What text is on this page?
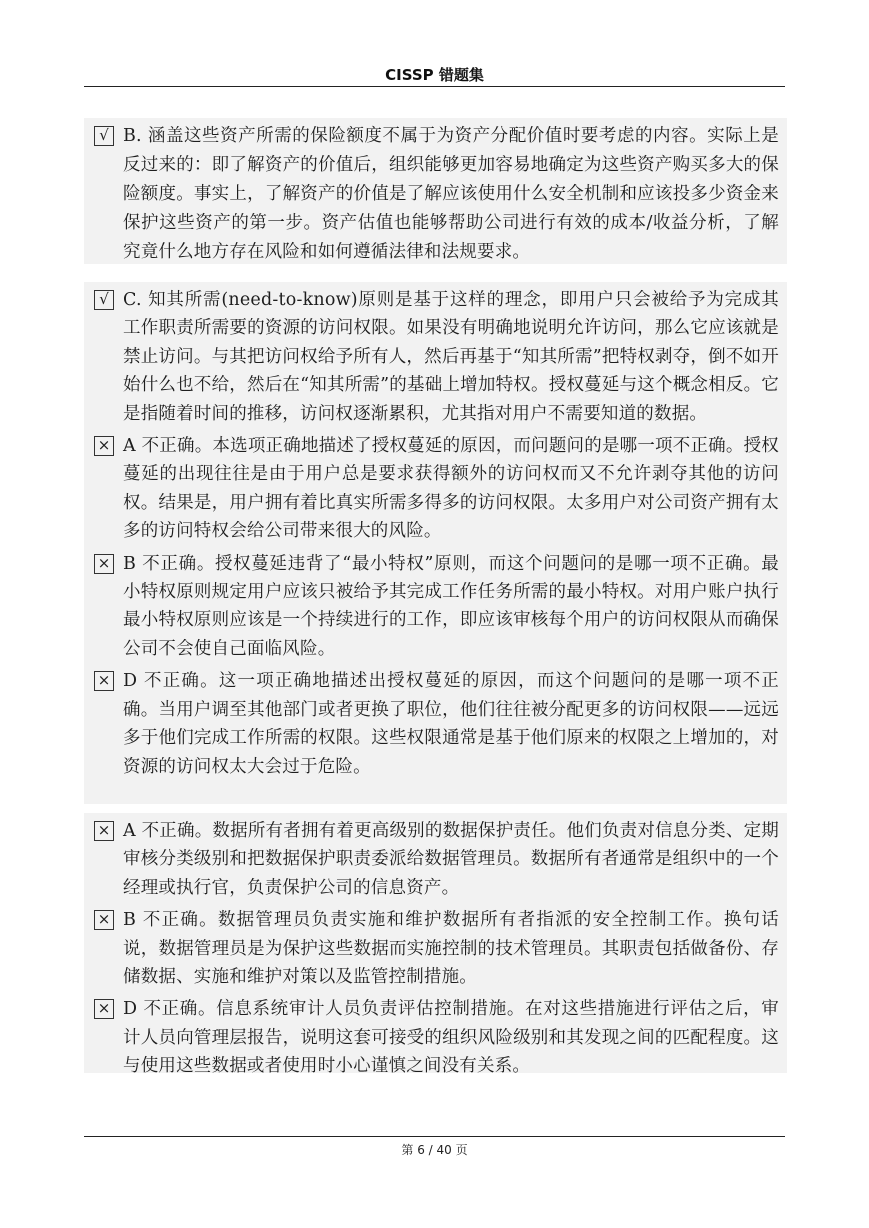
CISSP 错题集
√ B. 涵盖这些资产所需的保险额度不属于为资产分配价值时要考虑的内容。实际上是反过来的：即了解资产的价值后，组织能够更加容易地确定为这些资产购买多大的保险额度。事实上，了解资产的价值是了解应该使用什么安全机制和应该投多少资金来保护这些资产的第一步。资产估值也能够帮助公司进行有效的成本/收益分析，了解究竟什么地方存在风险和如何遵循法律和法规要求。
√ C. 知其所需(need-to-know)原则是基于这样的理念，即用户只会被给予为完成其工作职责所需要的资源的访问权限。如果没有明确地说明允许访问，那么它应该就是禁止访问。与其把访问权给予所有人，然后再基于“知其所需”把特权剥夺，倒不如开始什么也不给，然后在“知其所需”的基础上增加特权。授权蔓延与这个概念相反。它是指随着时间的推移，访问权逐渐累积，尤其指对用户不需要知道的数据。
× A 不正确。本选项正确地描述了授权蔓延的原因，而问题问的是哪一项不正确。授权蔓延的出现往往是由于用户总是要求获得额外的访问权而又不允许剥夺其他的访问权。结果是，用户拥有着比真实所需多得多的访问权限。太多用户对公司资产拥有太多的访问特权会给公司带来很大的风险。
× B 不正确。授权蔓延违背了“最小特权”原则，而这个问题问的是哪一项不正确。最小特权原则规定用户应该只被给予其完成工作任务所需的最小特权。对用户账户执行最小特权原则应该是一个持续进行的工作，即应该审核每个用户的访问权限从而确保公司不会使自己面临风险。
× D 不正确。这一项正确地描述出授权蔓延的原因，而这个问题问的是哪一项不正确。当用户调至其他部门或者更换了职位，他们往往被分配更多的访问权限——远远多于他们完成工作所需的权限。这些权限通常是基于他们原来的权限之上增加的，对资源的访问权太大会过于危险。
× A 不正确。数据所有者拥有着更高级别的数据保护责任。他们负责对信息分类、定期审核分类级别和把数据保护职责委派给数据管理员。数据所有者通常是组织中的一个经理或执行官，负责保护公司的信息资产。
× B 不正确。数据管理员负责实施和维护数据所有者指派的安全控制工作。换句话说，数据管理员是为保护这些数据而实施控制的技术管理员。其职责包括做备份、存储数据、实施和维护对策以及监管控制措施。
× D 不正确。信息系统审计人员负责评估控制措施。在对这些措施进行评估之后，审计人员向管理层报告，说明这套可接受的组织风险级别和其发现之间的匹配程度。这与使用这些数据或者使用时小心谨慎之间没有关系。
第 6 / 40 页
